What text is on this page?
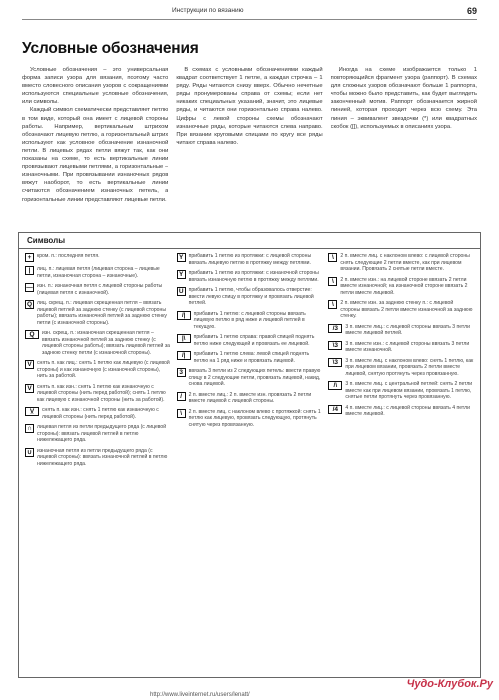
Инструкции по вязанию	69
Условные обозначения

Условные обозначения – это универсальная форма записи узора для вязания, поэтому часто вместо словесного описания узоров с сокращениями используются специальные условные обозначения, или символы.

Каждый символ схематически представляет петлю в том виде, который она имеет с лицевой стороны работы. Например, вертикальным штрихом обозначают лицевую петлю, а горизонтальный штрих используют как условное обозначение изнаночной петли. В лицевых рядах петли вяжут так, как они показаны на схеме, то есть вертикальные линии провязывают лицевыми петлями, а горизонтальные – изнаночными. При провязывании изнаночных рядов вяжут наоборот, то есть вертикальные линии считаются обозначением изнаночных петель, а горизонтальные линии представляют лицевые петли.

В схемах с условными обозначениями каждый квадрат соответствует 1 петле, а каждая строчка – 1 ряду. Ряды читаются снизу вверх. Обычно нечетные ряды пронумерованы справа от схемы; если нет никаких специальных указаний, значит, это лицевые ряды, и читаются они горизонтально справа налево. Цифры с левой стороны схемы обозначают изнаночные ряды, которые читаются слева направо. При вязании круговыми спицами по кругу все ряды читают справа налево.

Иногда на схеме изображается только 1 повторяющийся фрагмент узора (раппорт). В схемах для сложных узоров обозначают больше 1 раппорта, чтобы можно было представить, как будет выглядеть законченный мотив. Раппорт обозначается жирной линией, которая проходит через всю схему. Эта линия – эквивалент звездочки (*) или квадратных скобок ([]), используемых в описаниях узора.

Символы
+	кром. п.: последняя петля.
|	лиц. п.: лицевая петля (лицевая сторона – лицевые петли, изнаночная сторона – изнаночные).
— изн. п.: изнаночная петля с лицевой стороны работы (лицевая петля с изнаночной).
Q лиц. скрещ. п.: лицевая скрещенная петля – ввязать лицевой петлей за заднюю стенку (с лицевой стороны работы); ввязать изнаночной петлей за заднюю стенку петли (с изнаночной стороны).
Q̲	изн. скрещ. п.: изнаночная скрещенная петля – ввязать изнаночной петлей за заднюю стенку (с лицевой стороны работы); ввязать лицевой петлей за заднюю стенку петли (с изнаночной стороны).
V	снять п. как лиц.: снять 1 петлю как лицевую (с лицевой стороны) и как изнаночную (с изнаночной стороны), нить за работой.
V	снять п. как изн.: снять 1 петлю как изнаночную с лицевой стороны (нить перед работой); снять 1 петлю как лицевую с изнаночной стороны (нить за работой).
V̲	снять п. как изн.: снять 1 петлю как изнаночную с лицевой стороны (нить перед работой).
∩	лицевая петля из петли предыдущего ряда (с лицевой стороны): ввязать лицевой петлей в петлю нижележащего ряда.
∪	изнаночная петля из петли предыдущего ряда (с лицевой стороны): ввязать изнаночной петлей в петлю нижележащего ряда.
Y	прибавить 1 петлю из протяжки: с лицевой стороны ввязать лицевую петлю в протяжку между петлями.
Y	прибавить 1 петлю из протяжки: с изнаночной стороны ввязать изнаночную петлю в протяжку между петлями.
U	прибавить 1 петлю, чтобы образовалось отверстие: ввести левую спицу в протяжку и провязать лицевой петлей.
/|	прибавить 1 петлю: с лицевой стороны ввязать лицевую петлю в ряд ниже и лицевой петлей в текущую.
|\	прибавить 1 петлю справа: правой спицей поднять петлю ниже следующей и провязать ее лицевой.
/|	прибавить 1 петлю слева: левой спицей поднять петлю на 1 ряд ниже и провязать лицевой.
3	ввязать 3 петли из 2 следующих петель: ввести правую спицу в 2 следующие петли, провязать лицевой, накид, снова лицевой.
/	2 п. вместе лиц.: 2 п. вместе изн. провязать 2 петли вместе лицевой с лицевой стороны.
\	2 п. вместе лиц. с наклоном влево с протяжкой: снять 1 петлю как лицевую, провязать следующую, протянуть снятую через провязанную.
\	2 п. вместе лиц. с наклоном влево: с лицевой стороны снять следующие 2 петли вместе, как при лицевом вязании. Провязать 2 снятые петли вместе.
\	2 п. вместе изн.: на лицевой стороне ввязать 2 петли вместе изнаночной; на изнаночной стороне ввязать 2 петли вместе лицевой.
\	2 п. вместе изн. за заднюю стенку п.: с лицевой стороны ввязать 2 петли вместе изнаночной за заднюю стенку.
/3	3 п. вместе лиц.: с лицевой стороны ввязать 3 петли вместе лицевой петлей.
\3	3 п. вместе изн.: с лицевой стороны ввязать 3 петли вместе изнаночной.
\3	3 п. вместе лиц. с наклоном влево: снять 1 петлю, как при лицевом вязании, провязать 2 петли вместе лицевой, снятую протянуть через провязанную.
/\	3 п. вместе лиц. с центральной петлей: снять 2 петли вместе как при лицевом вязании, провязать 1 петлю, снятые петли протянуть через провязанную.
/4	4 п. вместе лиц.: с лицевой стороны ввязать 4 петли вместе лицевой.
Чудо-Клубок.Ру
http://www.liveinternet.ru/users/lenatt/
